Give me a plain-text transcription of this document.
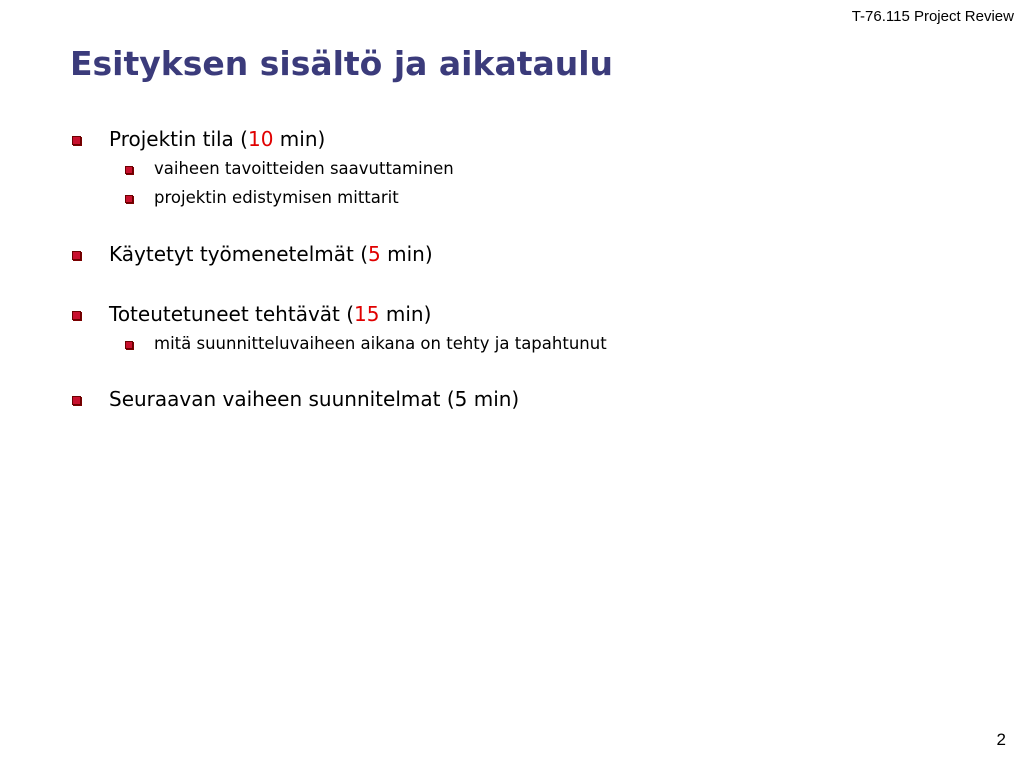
T-76.115 Project Review
Esityksen sisältö ja aikataulu
Projektin tila (10 min)
vaiheen tavoitteiden saavuttaminen
projektin edistymisen mittarit
Käytetyt työmenetelmät (5 min)
Toteutetuneet tehtävät (15 min)
mitä suunnitteluvaiheen aikana on tehty ja tapahtunut
Seuraavan vaiheen suunnitelmat (5 min)
2
